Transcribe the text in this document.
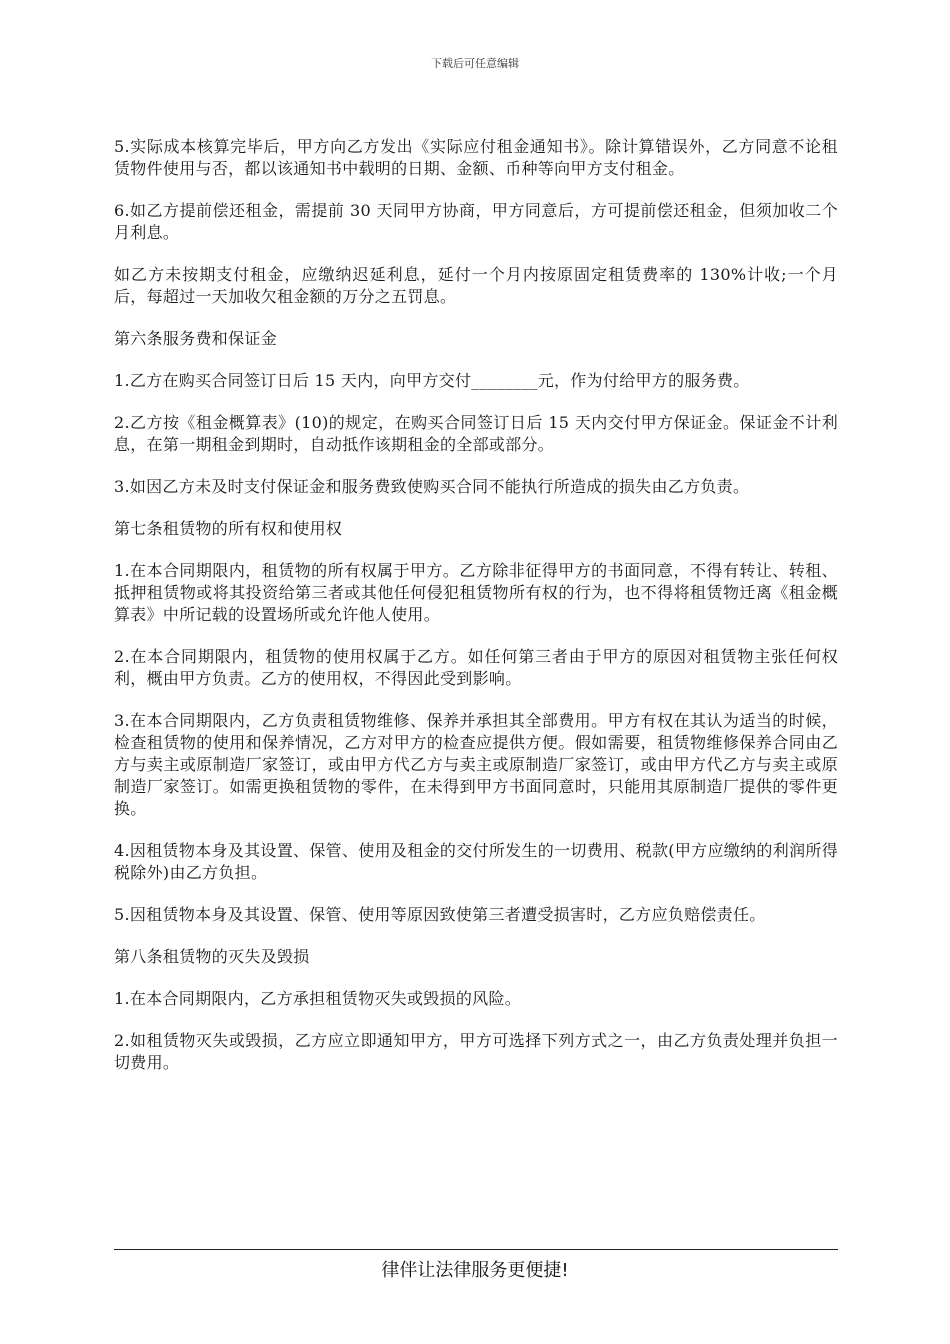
下载后可任意编辑

5.实际成本核算完毕后，甲方向乙方发出《实际应付租金通知书》。除计算错误外，乙方同意不论租赁物件使用与否，都以该通知书中载明的日期、金额、币种等向甲方支付租金。

6.如乙方提前偿还租金，需提前 30 天同甲方协商，甲方同意后，方可提前偿还租金，但须加收二个月利息。

如乙方未按期支付租金，应缴纳迟延利息，延付一个月内按原固定租赁费率的 130%计收;一个月后，每超过一天加收欠租金额的万分之五罚息。

第六条服务费和保证金

1.乙方在购买合同签订日后 15 天内，向甲方交付________元，作为付给甲方的服务费。

2.乙方按《租金概算表》(10)的规定，在购买合同签订日后 15 天内交付甲方保证金。保证金不计利息，在第一期租金到期时，自动抵作该期租金的全部或部分。

3.如因乙方未及时支付保证金和服务费致使购买合同不能执行所造成的损失由乙方负责。

第七条租赁物的所有权和使用权

1.在本合同期限内，租赁物的所有权属于甲方。乙方除非征得甲方的书面同意，不得有转让、转租、抵押租赁物或将其投资给第三者或其他任何侵犯租赁物所有权的行为，也不得将租赁物迁离《租金概算表》中所记载的设置场所或允许他人使用。

2.在本合同期限内，租赁物的使用权属于乙方。如任何第三者由于甲方的原因对租赁物主张任何权利，概由甲方负责。乙方的使用权，不得因此受到影响。

3.在本合同期限内，乙方负责租赁物维修、保养并承担其全部费用。甲方有权在其认为适当的时候，检查租赁物的使用和保养情况，乙方对甲方的检查应提供方便。假如需要，租赁物维修保养合同由乙方与卖主或原制造厂家签订，或由甲方代乙方与卖主或原制造厂家签订，或由甲方代乙方与卖主或原制造厂家签订。如需更换租赁物的零件，在未得到甲方书面同意时，只能用其原制造厂提供的零件更换。

4.因租赁物本身及其设置、保管、使用及租金的交付所发生的一切费用、税款(甲方应缴纳的利润所得税除外)由乙方负担。

5.因租赁物本身及其设置、保管、使用等原因致使第三者遭受损害时，乙方应负赔偿责任。

第八条租赁物的灭失及毁损

1.在本合同期限内，乙方承担租赁物灭失或毁损的风险。

2.如租赁物灭失或毁损，乙方应立即通知甲方，甲方可选择下列方式之一，由乙方负责处理并负担一切费用。

律伴让法律服务更便捷!
